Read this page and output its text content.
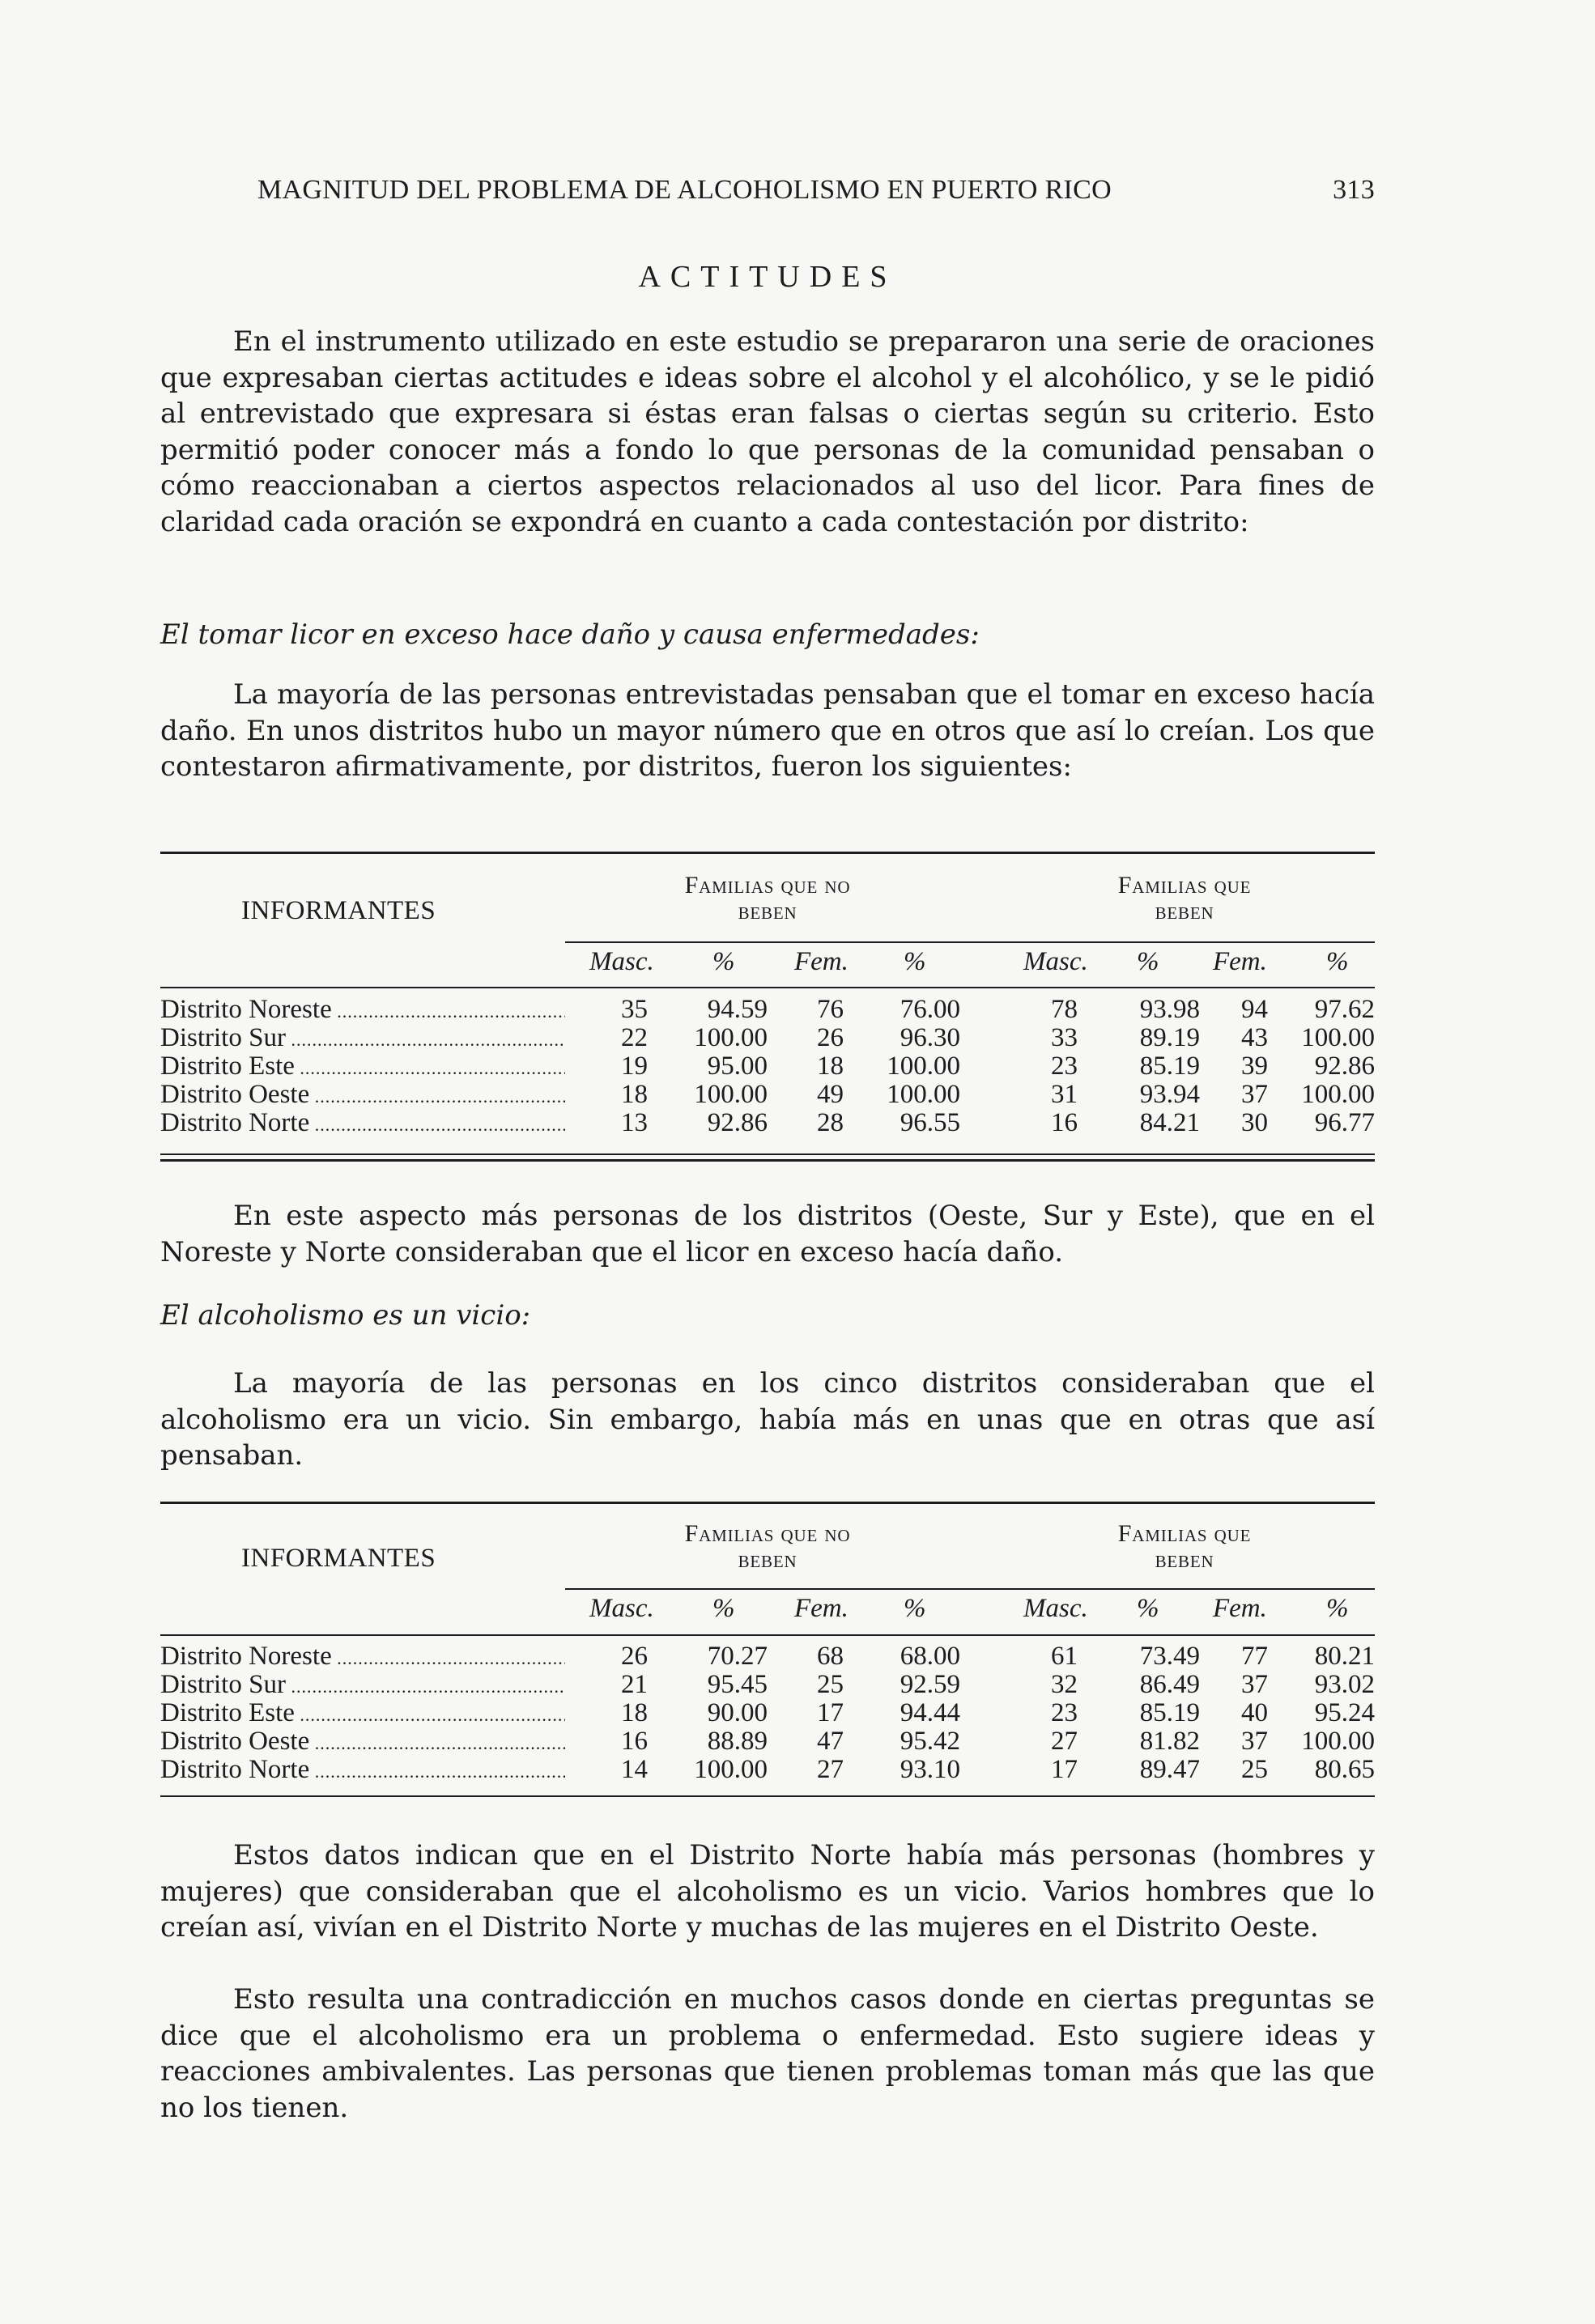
MAGNITUD DEL PROBLEMA DE ALCOHOLISMO EN PUERTO RICO	313
ACTITUDES

En el instrumento utilizado en este estudio se prepararon una serie de oraciones que expresaban ciertas actitudes e ideas sobre el alcohol y el alcohólico, y se le pidió al entrevistado que expresara si éstas eran falsas o ciertas según su criterio. Esto permitió poder conocer más a fondo lo que personas de la comunidad pensaban o cómo reaccionaban a ciertos aspectos relacionados al uso del licor. Para fines de claridad cada oración se expondrá en cuanto a cada contestación por distrito:

El tomar licor en exceso hace daño y causa enfermedades:

La mayoría de las personas entrevistadas pensaban que el tomar en exceso hacía daño. En unos distritos hubo un mayor número que en otros que así lo creían. Los que contestaron afirmativamente, por distritos, fueron los siguientes:

INFORMANTES
Familias que no
beben
Familias que
beben
Masc. % Fem. %	Masc. % Fem. %
Distrito Noreste .....	35 94.59 76 76.00	78 93.98 94 97.62
Distrito Sur .....	22 100.00 26 96.30	33 89.19 43 100.00
Distrito Este .....	19 95.00 18 100.00	23 85.19 39 92.86
Distrito Oeste .....	18 100.00 49 100.00	31 93.94 37 100.00
Distrito Norte .....	13 92.86 28 96.55	16 84.21 30 96.77

En este aspecto más personas de los distritos (Oeste, Sur y Este), que en el Noreste y Norte consideraban que el licor en exceso hacía daño.

El alcoholismo es un vicio:

La mayoría de las personas en los cinco distritos consideraban que el alcoholismo era un vicio. Sin embargo, había más en unas que en otras que así pensaban.

INFORMANTES
Familias que no
beben
Familias que
beben
Masc. % Fem. %	Masc. % Fem. %
Distrito Noreste .....	26 70.27 68 68.00	61 73.49 77 80.21
Distrito Sur .....	21 95.45 25 92.59	32 86.49 37 93.02
Distrito Este .....	18 90.00 17 94.44	23 85.19 40 95.24
Distrito Oeste .....	16 88.89 47 95.42	27 81.82 37 100.00
Distrito Norte .....	14 100.00 27 93.10	17 89.47 25 80.65

Estos datos indican que en el Distrito Norte había más personas (hombres y mujeres) que consideraban que el alcoholismo es un vicio. Varios hombres que lo creían así, vivían en el Distrito Norte y muchas de las mujeres en el Distrito Oeste.

Esto resulta una contradicción en muchos casos donde en ciertas preguntas se dice que el alcoholismo era un problema o enfermedad. Esto sugiere ideas y reacciones ambivalentes. Las personas que tienen problemas toman más que las que no los tienen.
